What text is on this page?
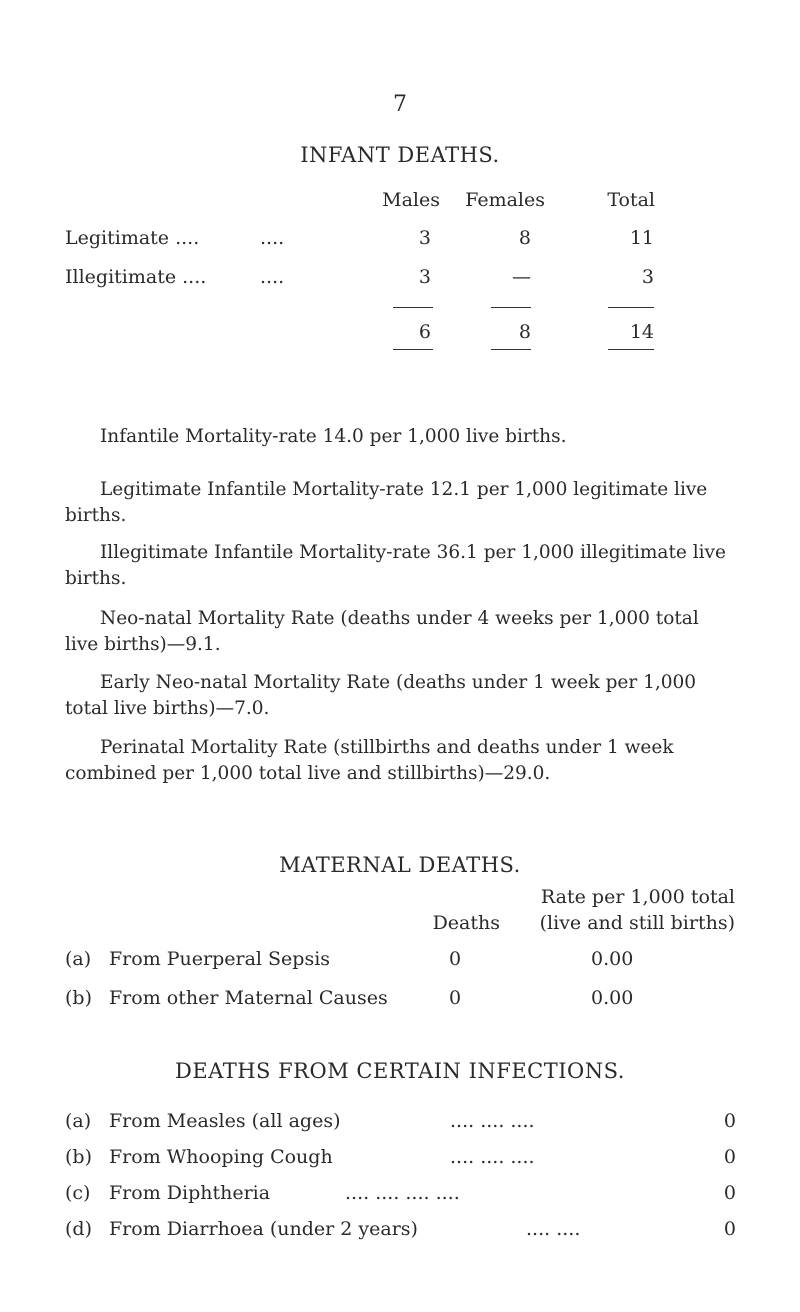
7
INFANT DEATHS.
Males	Females	Total
Legitimate ....	....	3	8	11
Illegitimate ....	....	3	—	3
6	8	14

Infantile Mortality-rate 14.0 per 1,000 live births.

Legitimate Infantile Mortality-rate 12.1 per 1,000 legitimate live births.

Illegitimate Infantile Mortality-rate 36.1 per 1,000 illegitimate live births.

Neo-natal Mortality Rate (deaths under 4 weeks per 1,000 total live births)—9.1.

Early Neo-natal Mortality Rate (deaths under 1 week per 1,000 total live births)—7.0.

Perinatal Mortality Rate (stillbirths and deaths under 1 week combined per 1,000 total live and stillbirths)—29.0.

MATERNAL DEATHS.
Rate per 1,000 total
Deaths	(live and still births)
(a) From Puerperal Sepsis	0	0.00
(b) From other Maternal Causes	0	0.00
DEATHS FROM CERTAIN INFECTIONS.
(a) From Measles (all ages)	.... .... ....	0
(b) From Whooping Cough	.... .... ....	0
(c) From Diphtheria	.... .... .... ....	0
(d) From Diarrhoea (under 2 years)	.... ....	0
